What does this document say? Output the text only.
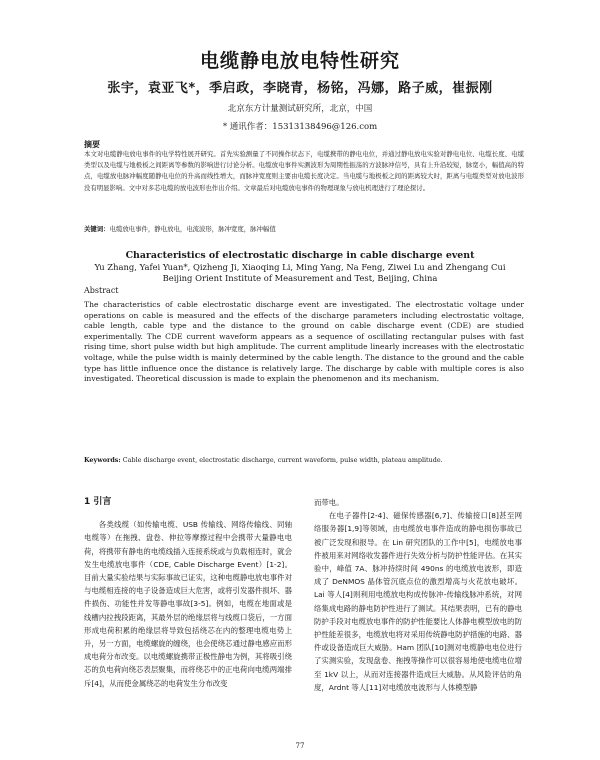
电缆静电放电特性研究
张宇，袁亚飞*，季启政，李晓青，杨铭，冯娜，路子威，崔振刚
北京东方计量测试研究所，北京，中国
* 通讯作者：15313138496@126.com
摘要
本文对电缆静电放电事件的电学特性展开研究。首先实验测量了不同操作状态下，电缆携带的静电电位，并通过静电放电实验对静电电位、电缆长度、电缆类型以及电缆与地极板之间距离等参数的影响进行讨论分析。电缆放电事件实测波形为周期性振荡的方波脉冲信号，具有上升沿较短，脉宽小，幅值高的特点，电缆放电脉冲幅度随静电电位的升高而线性增大，而脉冲宽度则主要由电缆长度决定。当电缆与地极板之间的距离较大时，距离与电缆类型对放电波形没有明显影响。文中对多芯电缆的放电波形也作出介绍。文章最后对电缆放电事件的物理现象与放电机理进行了理论探讨。
关键词：电缆放电事件，静电放电，电流波形，脉冲宽度，脉冲幅值
Characteristics of electrostatic discharge in cable discharge event
Yu Zhang, Yafei Yuan*, Qizheng Ji, Xiaoqing Li, Ming Yang, Na Feng, Ziwei Lu and Zhengang Cui
Beijing Orient Institute of Measurement and Test, Beijing, China
Abstract
The characteristics of cable electrostatic discharge event are investigated. The electrostatic voltage under operations on cable is measured and the effects of the discharge parameters including electrostatic voltage, cable length, cable type and the distance to the ground on cable discharge event (CDE) are studied experimentally. The CDE current waveform appears as a sequence of oscillating rectangular pulses with fast rising time, short pulse width but high amplitude. The current amplitude linearly increases with the electrostatic voltage, while the pulse width is mainly determined by the cable length. The distance to the ground and the cable type has little influence once the distance is relatively large. The discharge by cable with multiple cores is also investigated. Theoretical discussion is made to explain the phenomenon and its mechanism.
Keywords: Cable discharge event, electrostatic discharge, current waveform, pulse width, plateau amplitude.
1 引言

各类线缆（如传输电缆、USB 传输线、网络传输线、同轴电缆等）在拖拽、盘卷、伸拉等摩擦过程中会携带大量静电电荷，将携带有静电的电缆线插入连接系统或与负载相连时，就会发生电缆放电事件（CDE, Cable Discharge Event）[1-2]。目前大量实验结果与实际事故已证实，这种电缆静电放电事件对与电缆相连接的电子设备造成巨大危害，或将引发器件损坏、器件损伤、功能性并发等静电事故[3-5]。例如，电缆在地面或是线槽内拉拽段距离，其最外层的绝缘层将与线缆口袋后，一方面形成电荷积累的绝缘层将导致包括绕芯在内的整理电缆电势上升，另一方面，电缆螺旋的缠绕，也会使绕芯通过静电感应而形成电荷分布改变。以电缆螺旋携带正极性静电为例，其将吸引绕芯的负电荷向绕芯表层聚集，而将绕芯中的正电荷向电缆两端排斥[4]，从而使金属绕芯的电荷发生分布改变

而带电。

在电子器件[2-4]、磁保传感器[6,7]、传输接口[8]甚至网络服务器[1,9]等领域，由电缆放电事件造成的静电损伤事故已被广泛发现和报导。在 Lin 研究团队的工作中[5]，电缆放电事件被用来对网络收发器件进行失效分析与防护性能评估。在其实验中，峰值 7A、脉冲持续时间 490ns 的电缆放电波形，即造成了 DeNMOS 晶体管沉底点位的激烈增高与火花放电破坏。Lai 等人[4]则利用电缆放电构成传脉冲-传输线脉冲系统，对网络集成电路的静电防护性进行了测试。其结果表明，已有的静电防护手段对电缆放电事件的防护性能要比人体静电模型放电的防护性能差很多，电缆放电将对采用传统静电防护措施的电路、器件或设备造成巨大威胁。Ham 团队[10]测对电缆静电电位进行了实测实验，发现盘卷、拖拽等操作可以很容易地使电缆电位增至 1kV 以上，从而对连接器件造成巨大威胁。从风险评估的角度，Ardnt 等人[11]对电缆放电波形与人体模型静

77
